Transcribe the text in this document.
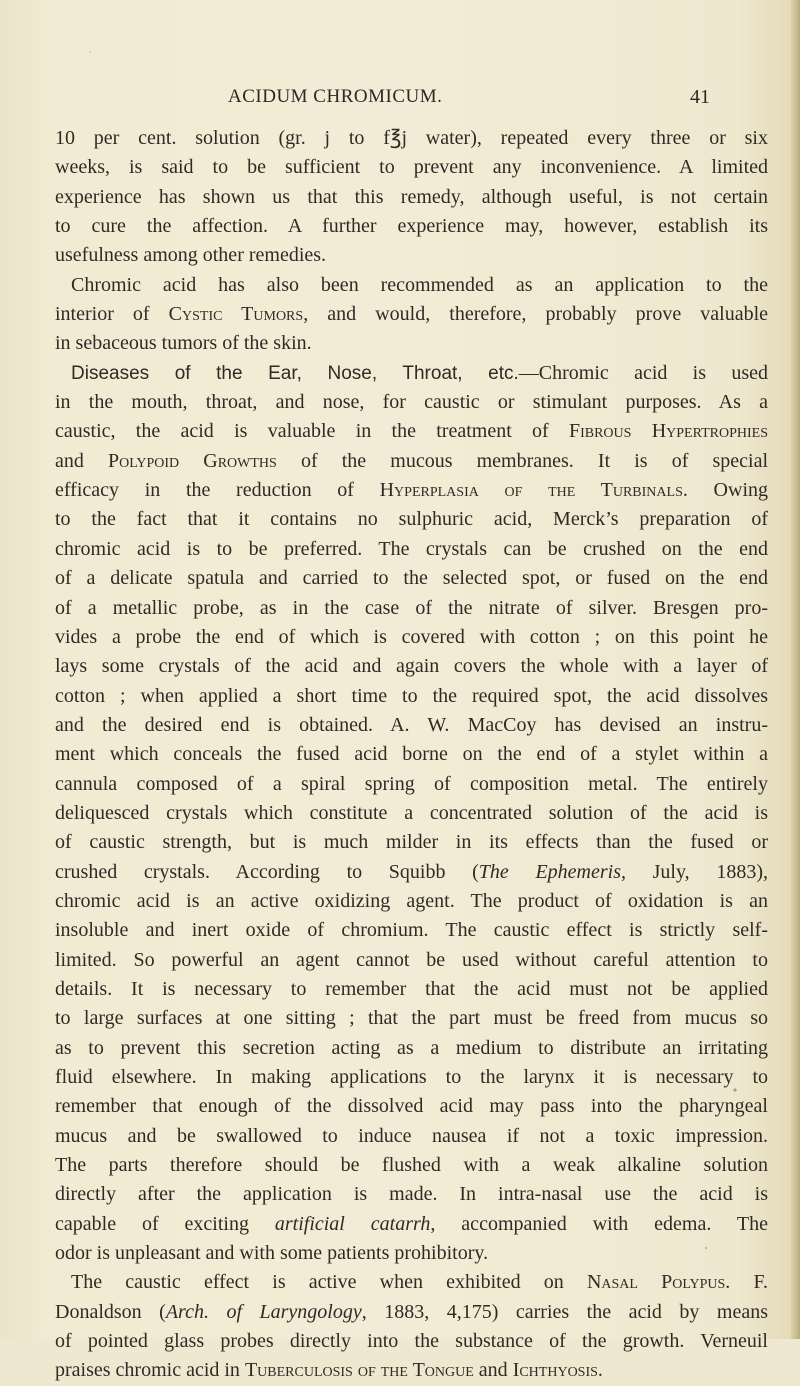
ACIDUM CHROMICUM.	41
10 per cent. solution (gr. j to f℥j water), repeated every three or six
weeks, is said to be sufficient to prevent any inconvenience. A limited
experience has shown us that this remedy, although useful, is not certain
to cure the affection. A further experience may, however, establish its
usefulness among other remedies.
Chromic acid has also been recommended as an application to the
interior of Cystic Tumors, and would, therefore, probably prove valuable
in sebaceous tumors of the skin.
Diseases of the Ear, Nose, Throat, etc.—Chromic acid is used
in the mouth, throat, and nose, for caustic or stimulant purposes. As a
caustic, the acid is valuable in the treatment of Fibrous Hypertrophies
and Polypoid Growths of the mucous membranes. It is of special
efficacy in the reduction of Hyperplasia of the Turbinals. Owing
to the fact that it contains no sulphuric acid, Merck’s preparation of
chromic acid is to be preferred. The crystals can be crushed on the end
of a delicate spatula and carried to the selected spot, or fused on the end
of a metallic probe, as in the case of the nitrate of silver. Bresgen pro-
vides a probe the end of which is covered with cotton ; on this point he
lays some crystals of the acid and again covers the whole with a layer of
cotton ; when applied a short time to the required spot, the acid dissolves
and the desired end is obtained. A. W. MacCoy has devised an instru-
ment which conceals the fused acid borne on the end of a stylet within a
cannula composed of a spiral spring of composition metal. The entirely
deliquesced crystals which constitute a concentrated solution of the acid is
of caustic strength, but is much milder in its effects than the fused or
crushed crystals. According to Squibb (The Ephemeris, July, 1883),
chromic acid is an active oxidizing agent. The product of oxidation is an
insoluble and inert oxide of chromium. The caustic effect is strictly self-
limited. So powerful an agent cannot be used without careful attention to
details. It is necessary to remember that the acid must not be applied
to large surfaces at one sitting ; that the part must be freed from mucus so
as to prevent this secretion acting as a medium to distribute an irritating
fluid elsewhere. In making applications to the larynx it is necessary to
remember that enough of the dissolved acid may pass into the pharyngeal
mucus and be swallowed to induce nausea if not a toxic impression.
The parts therefore should be flushed with a weak alkaline solution
directly after the application is made. In intra-nasal use the acid is
capable of exciting artificial catarrh, accompanied with edema. The
odor is unpleasant and with some patients prohibitory.
The caustic effect is active when exhibited on Nasal Polypus. F.
Donaldson (Arch. of Laryngology, 1883, 4,175) carries the acid by means
of pointed glass probes directly into the substance of the growth. Verneuil
praises chromic acid in Tuberculosis of the Tongue and Ichthyosis.
